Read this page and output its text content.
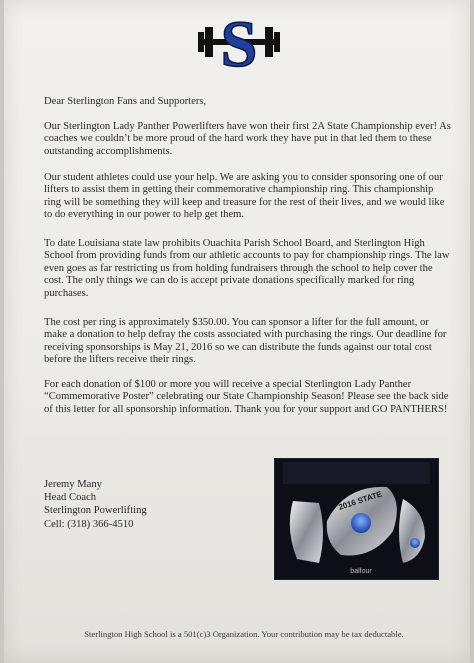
S
Dear Sterlington Fans and Supporters,

Our Sterlington Lady Panther Powerlifters have won their first 2A State Championship ever! As coaches we couldn’t be more proud of the hard work they have put in that led them to these outstanding accomplishments.

Our student athletes could use your help. We are asking you to consider sponsoring one of our lifters to assist them in getting their commemorative championship ring. This championship ring will be something they will keep and treasure for the rest of their lives, and we would like to do everything in our power to help get them.

To date Louisiana state law prohibits Ouachita Parish School Board, and Sterlington High School from providing funds from our athletic accounts to pay for championship rings. The law even goes as far restricting us from holding fundraisers through the school to help cover the cost. The only things we can do is accept private donations specifically marked for ring purchases.

The cost per ring is approximately $350.00. You can sponsor a lifter for the full amount, or make a donation to help defray the costs associated with purchasing the rings. Our deadline for receiving sponsorships is May 21, 2016 so we can distribute the funds against our total cost before the lifters receive their rings.

For each donation of $100 or more you will receive a special Sterlington Lady Panther “Commemorative Poster” celebrating our State Championship Season! Please see the back side of this letter for all sponsorship information. Thank you for your support and GO PANTHERS!

Jeremy Many
Head Coach
Sterlington Powerlifting
Cell: (318) 366-4510
2016 STATE
balfour
Sterlington High School is a 501(c)3 Organization. Your contribution may be tax deductable.
